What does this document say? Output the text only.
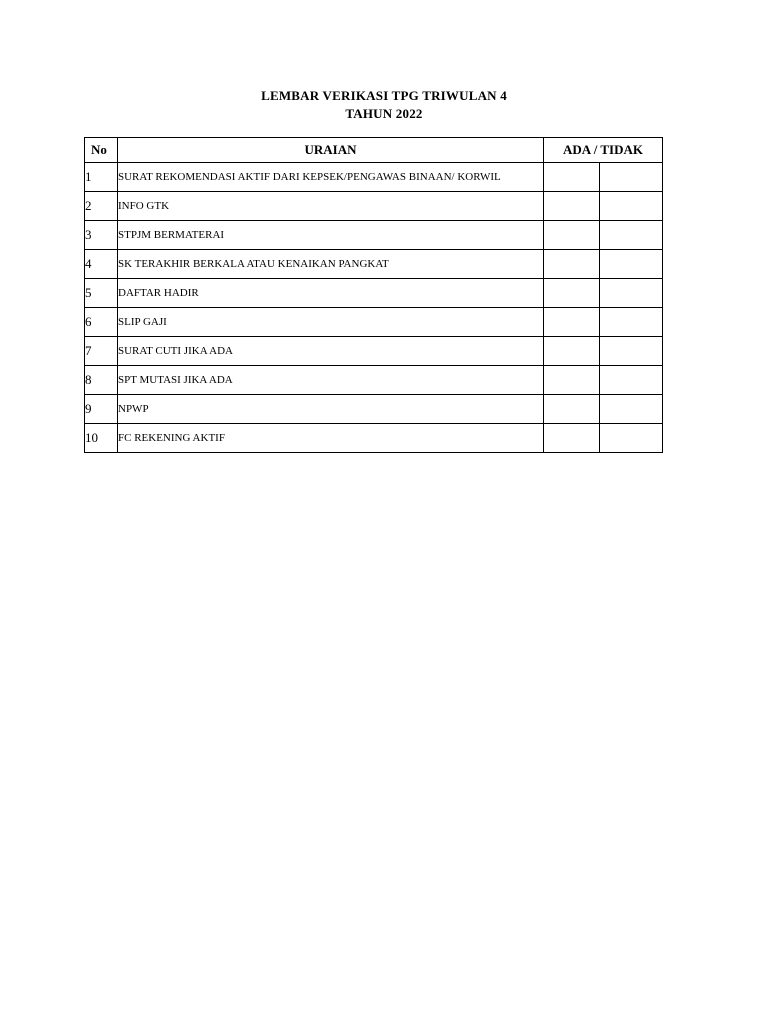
LEMBAR VERIKASI TPG TRIWULAN 4
TAHUN 2022
No	URAIAN	ADA / TIDAK	
1	SURAT REKOMENDASI AKTIF DARI KEPSEK/PENGAWAS BINAAN/ KORWIL		
2	INFO GTK		
3	STPJM BERMATERAI		
4	SK TERAKHIR BERKALA ATAU KENAIKAN PANGKAT		
5	DAFTAR HADIR		
6	SLIP GAJI		
7	SURAT CUTI JIKA ADA		
8	SPT MUTASI JIKA ADA		
9	NPWP		
10	FC REKENING AKTIF		
